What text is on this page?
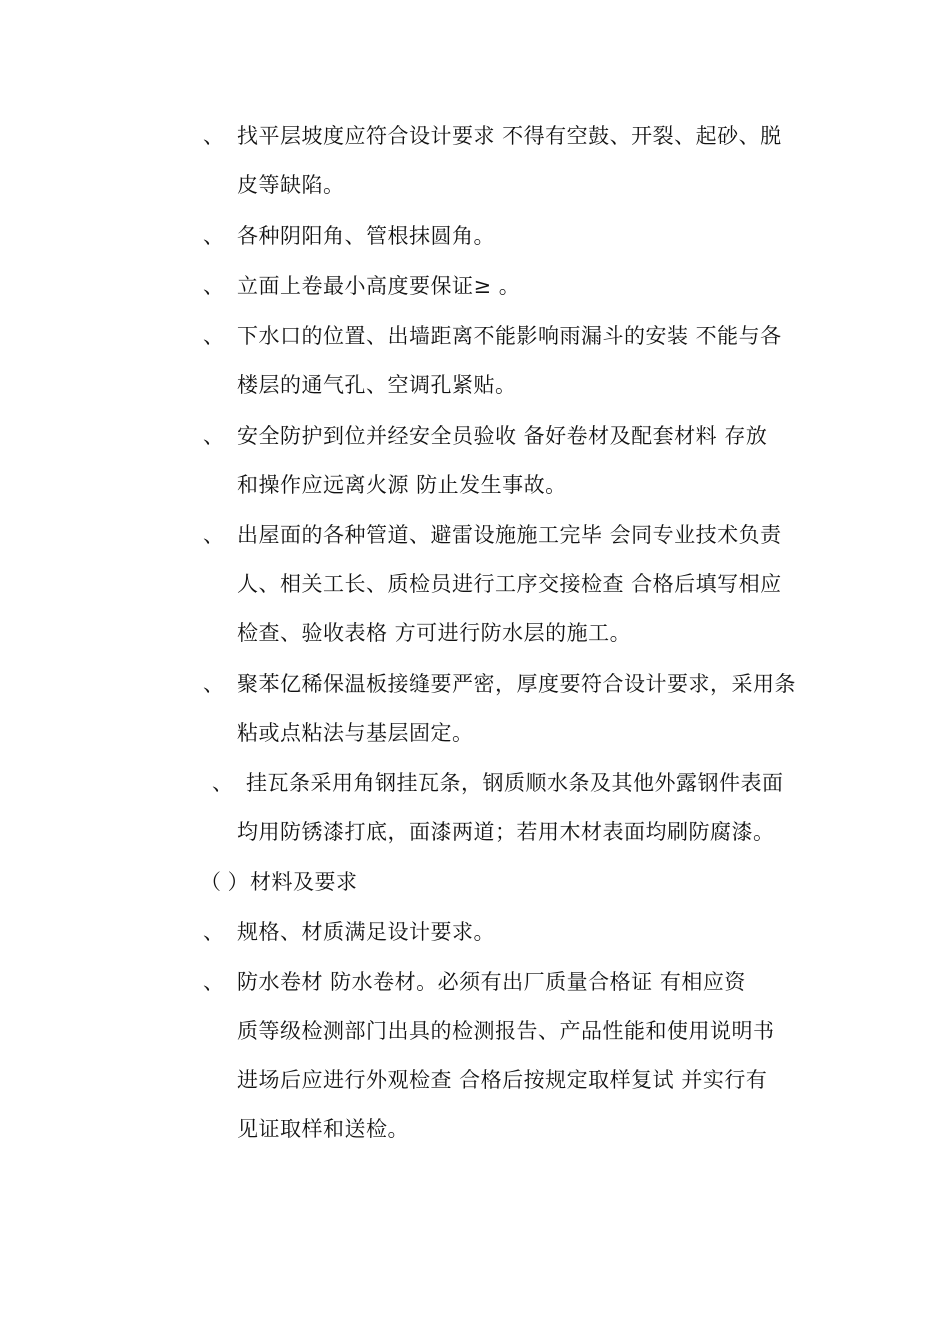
、 找平层坡度应符合设计要求 不得有空鼓、开裂、起砂、脱
皮等缺陷。
、 各种阴阳角、管根抹圆角。
、 立面上卷最小高度要保证≥ 。
、 下水口的位置、出墙距离不能影响雨漏斗的安装 不能与各
楼层的通气孔、空调孔紧贴。
、 安全防护到位并经安全员验收 备好卷材及配套材料 存放
和操作应远离火源 防止发生事故。
、 出屋面的各种管道、避雷设施施工完毕 会同专业技术负责
人、相关工长、质检员进行工序交接检查 合格后填写相应
检查、验收表格 方可进行防水层的施工。
、 聚苯亿稀保温板接缝要严密，厚度要符合设计要求，采用条
粘或点粘法与基层固定。
、 挂瓦条采用角钢挂瓦条，钢质顺水条及其他外露钢件表面
均用防锈漆打底，面漆两道；若用木材表面均刷防腐漆。
（ ） 材料及要求
、 规格、材质满足设计要求。
、 防水卷材 防水卷材。必须有出厂质量合格证 有相应资
质等级检测部门出具的检测报告、产品性能和使用说明书
进场后应进行外观检查 合格后按规定取样复试 并实行有
见证取样和送检。
